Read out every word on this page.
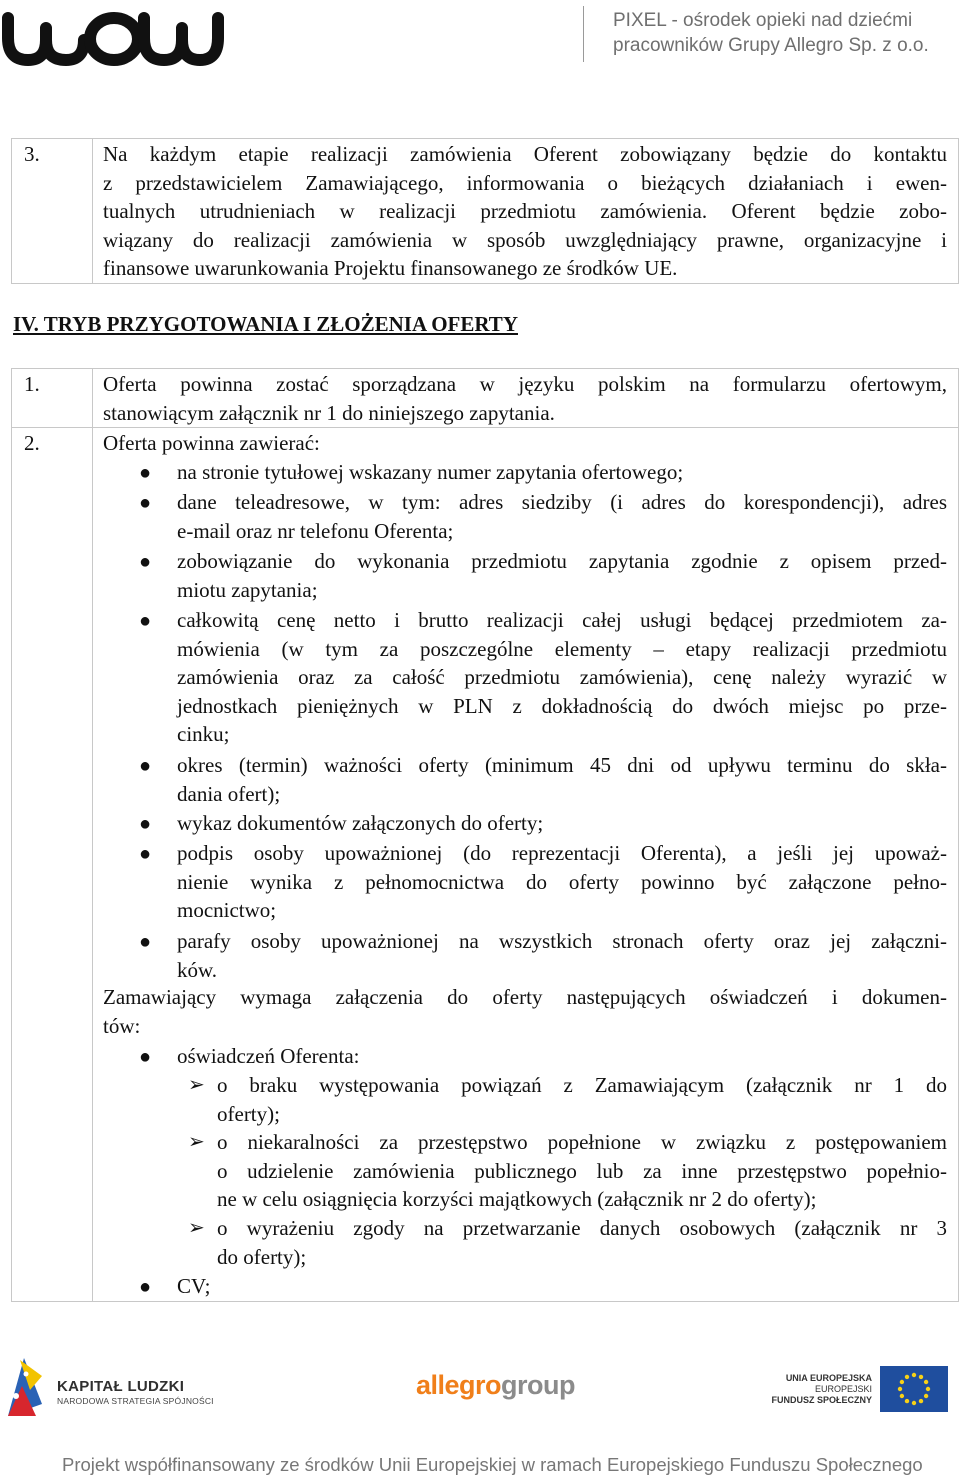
PIXEL - ośrodek opieki nad dziećmi
pracowników Grupy Allegro Sp. z o.o.
3.	Na każdym etapie realizacji zamówienia Oferent zobowiązany będzie do kontaktu
z przedstawicielem Zamawiającego, informowania o bieżących działaniach i ewen-
tualnych utrudnieniach w realizacji przedmiotu zamówienia. Oferent będzie zobo-
wiązany do realizacji zamówienia w sposób uwzględniający prawne, organizacyjne i
finansowe uwarunkowania Projektu finansowanego ze środków UE.
IV. TRYB PRZYGOTOWANIA I ZŁOŻENIA OFERTY
1.	Oferta powinna zostać sporządzana w języku polskim na formularzu ofertowym,
stanowiącym załącznik nr 1 do niniejszego zapytania.
2.	Oferta powinna zawierać:
● na stronie tytułowej wskazany numer zapytania ofertowego;
● dane teleadresowe, w tym: adres siedziby (i adres do korespondencji), adres
e-mail oraz nr telefonu Oferenta;
● zobowiązanie do wykonania przedmiotu zapytania zgodnie z opisem przed-
miotu zapytania;
● całkowitą cenę netto i brutto realizacji całej usługi będącej przedmiotem za-
mówienia (w tym za poszczególne elementy – etapy realizacji przedmiotu
zamówienia oraz za całość przedmiotu zamówienia), cenę należy wyrazić w
jednostkach pieniężnych w PLN z dokładnością do dwóch miejsc po prze-
cinku;
● okres (termin) ważności oferty (minimum 45 dni od upływu terminu do skła-
dania ofert);
● wykaz dokumentów załączonych do oferty;
● podpis osoby upoważnionej (do reprezentacji Oferenta), a jeśli jej upoważ-
nienie wynika z pełnomocnictwa do oferty powinno być załączone pełno-
mocnictwo;
● parafy osoby upoważnionej na wszystkich stronach oferty oraz jej załączni-
ków.
Zamawiający wymaga załączenia do oferty następujących oświadczeń i dokumen-
tów:
● oświadczeń Oferenta:
➢ o braku występowania powiązań z Zamawiającym (załącznik nr 1 do
oferty);
➢ o niekaralności za przestępstwo popełnione w związku z postępowaniem
o udzielenie zamówienia publicznego lub za inne przestępstwo popełnio-
ne w celu osiągnięcia korzyści majątkowych (załącznik nr 2 do oferty);
➢ o wyrażeniu zgody na przetwarzanie danych osobowych (załącznik nr 3
do oferty);
● CV;
KAPITAŁ LUDZKI
NARODOWA STRATEGIA SPÓJNOŚCI
allegrogroup	UNIA EUROPEJSKA
EUROPEJSKI
FUNDUSZ SPOŁECZNY
Projekt współfinansowany ze środków Unii Europejskiej w ramach Europejskiego Funduszu Społecznego
